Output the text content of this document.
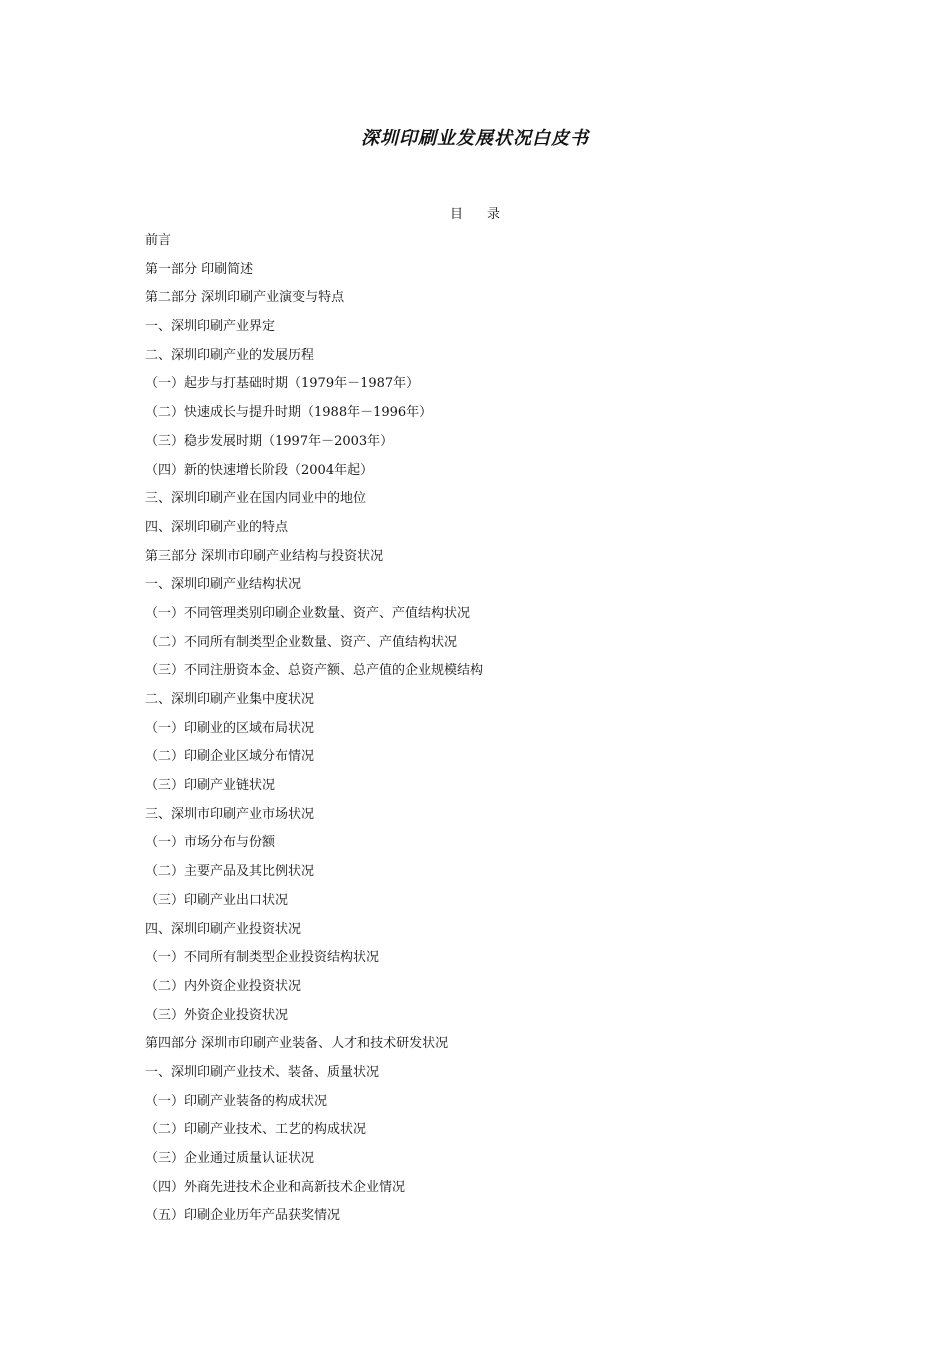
深圳印刷业发展状况白皮书
目录
前言
第一部分 印刷简述
第二部分 深圳印刷产业演变与特点
一、深圳印刷产业界定
二、深圳印刷产业的发展历程
（一）起步与打基础时期（1979年－1987年）
（二）快速成长与提升时期（1988年－1996年）
（三）稳步发展时期（1997年－2003年）
（四）新的快速增长阶段（2004年起）
三、深圳印刷产业在国内同业中的地位
四、深圳印刷产业的特点
第三部分 深圳市印刷产业结构与投资状况
一、深圳印刷产业结构状况
（一）不同管理类别印刷企业数量、资产、产值结构状况
（二）不同所有制类型企业数量、资产、产值结构状况
（三）不同注册资本金、总资产额、总产值的企业规模结构
二、深圳印刷产业集中度状况
（一）印刷业的区域布局状况
（二）印刷企业区域分布情况
（三）印刷产业链状况
三、深圳市印刷产业市场状况
（一）市场分布与份额
（二）主要产品及其比例状况
（三）印刷产业出口状况
四、深圳印刷产业投资状况
（一）不同所有制类型企业投资结构状况
（二）内外资企业投资状况
（三）外资企业投资状况
第四部分 深圳市印刷产业装备、人才和技术研发状况
一、深圳印刷产业技术、装备、质量状况
（一）印刷产业装备的构成状况
（二）印刷产业技术、工艺的构成状况
（三）企业通过质量认证状况
（四）外商先进技术企业和高新技术企业情况
（五）印刷企业历年产品获奖情况
